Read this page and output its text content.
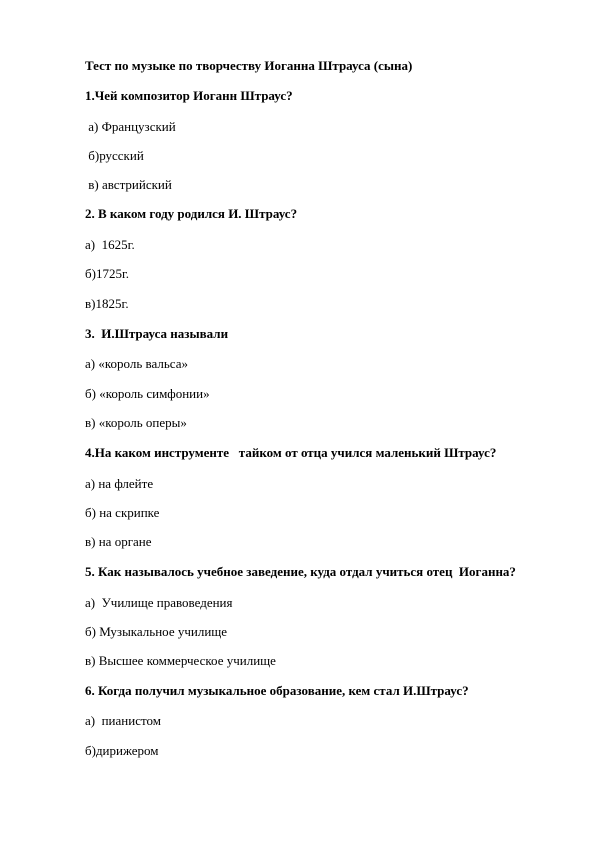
Тест по музыке по творчеству Иоганна Штрауса (сына)
1.Чей композитор Иоганн Штраус?
а) Французский
б)русский
в) австрийский
2. В каком году родился И. Штраус?
а)  1625г.
б)1725г.
в)1825г.
3.  И.Штрауса называли
а) «король вальса»
б) «король симфонии»
в) «король оперы»
4.На каком инструменте   тайком от отца учился маленький Штраус?
а) на флейте
б) на скрипке
в) на органе
5. Как называлось учебное заведение, куда отдал учиться отец  Иоганна?
а)  Училище правоведения
б) Музыкальное училище
в) Высшее коммерческое училище
6. Когда получил музыкальное образование, кем стал И.Штраус?
а)  пианистом
б)дирижером
